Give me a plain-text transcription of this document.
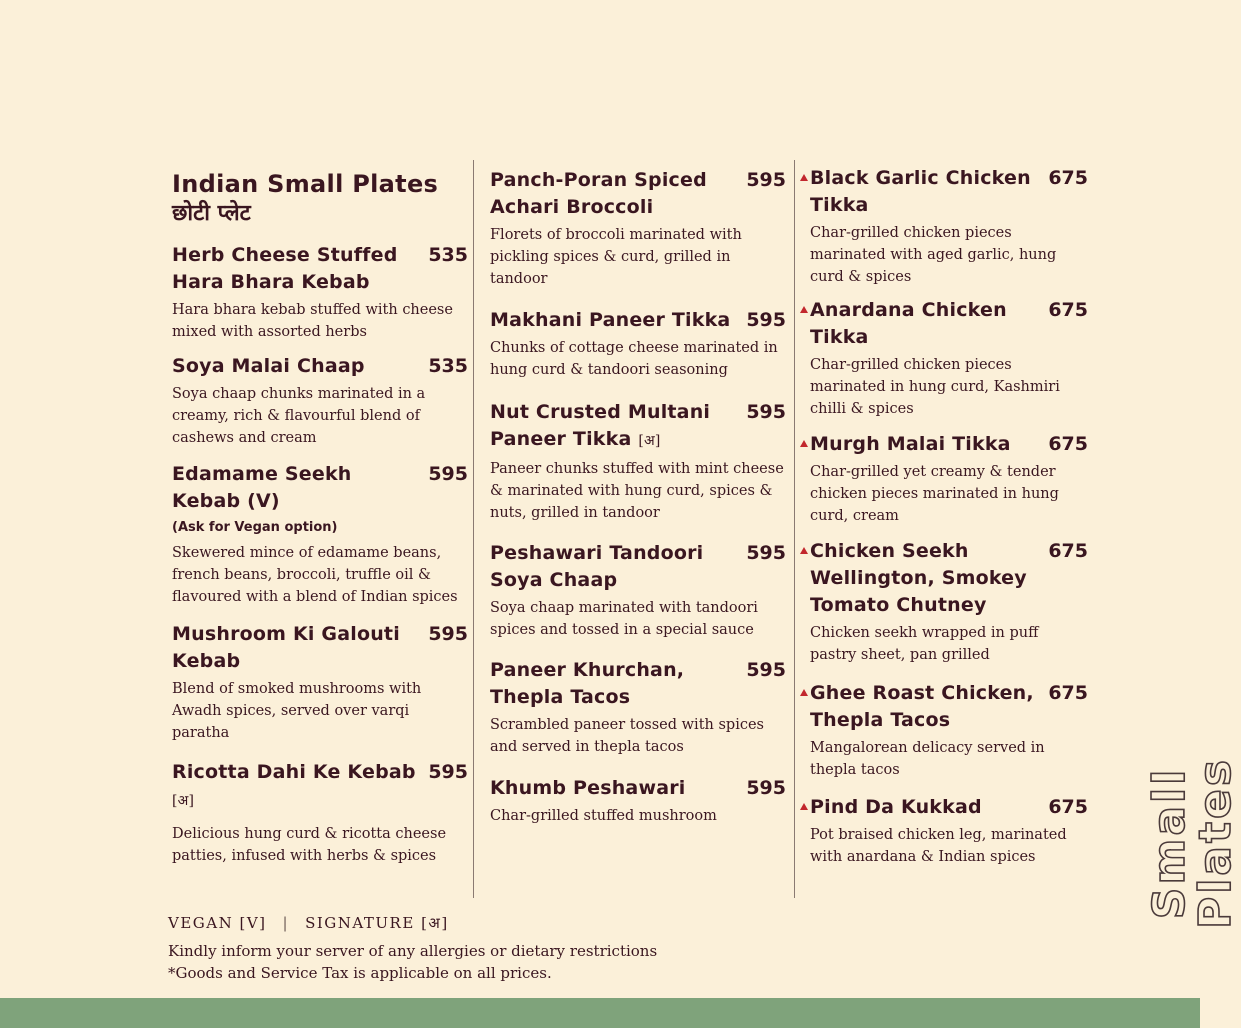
Indian Small Plates
छोटी प्लेट
Herb Cheese Stuffed Hara Bhara Kebab
535
Hara bhara kebab stuffed with cheese mixed with assorted herbs
Soya Malai Chaap	535
Soya chaap chunks marinated in a creamy, rich & flavourful blend of cashews and cream
Edamame Seekh Kebab (V)
595
(Ask for Vegan option)
Skewered mince of edamame beans, french beans, broccoli, truffle oil & flavoured with a blend of Indian spices
Mushroom Ki Galouti Kebab
595
Blend of smoked mushrooms with Awadh spices, served over varqi paratha
Ricotta Dahi Ke Kebab [अ]
595
Delicious hung curd & ricotta cheese patties, infused with herbs & spices
Panch-Poran Spiced Achari Broccoli
595
Florets of broccoli marinated with pickling spices & curd, grilled in tandoor
Makhani Paneer Tikka 595
Chunks of cottage cheese marinated in hung curd & tandoori seasoning
Nut Crusted Multani Paneer Tikka [अ]
595
Paneer chunks stuffed with mint cheese & marinated with hung curd, spices & nuts, grilled in tandoor
Peshawari Tandoori Soya Chaap
595
Soya chaap marinated with tandoori spices and tossed in a special sauce
Paneer Khurchan, Thepla Tacos
595
Scrambled paneer tossed with spices and served in thepla tacos
Khumb Peshawari	595
Char-grilled stuffed mushroom
Black Garlic Chicken Tikka
675
Char-grilled chicken pieces marinated with aged garlic, hung curd & spices
Anardana Chicken Tikka
675
Char-grilled chicken pieces marinated in hung curd, Kashmiri chilli & spices
Murgh Malai Tikka 675
Char-grilled yet creamy & tender chicken pieces marinated in hung curd, cream
Chicken Seekh Wellington, Smokey Tomato Chutney
675
Chicken seekh wrapped in puff pastry sheet, pan grilled
Ghee Roast Chicken, Thepla Tacos
675
Mangalorean delicacy served in thepla tacos
Pind Da Kukkad	675
Pot braised chicken leg, marinated with anardana & Indian spices
VEGAN [V] | SIGNATURE [अ]
Kindly inform your server of any allergies or dietary restrictions
*Goods and Service Tax is applicable on all prices.
Small Plates
